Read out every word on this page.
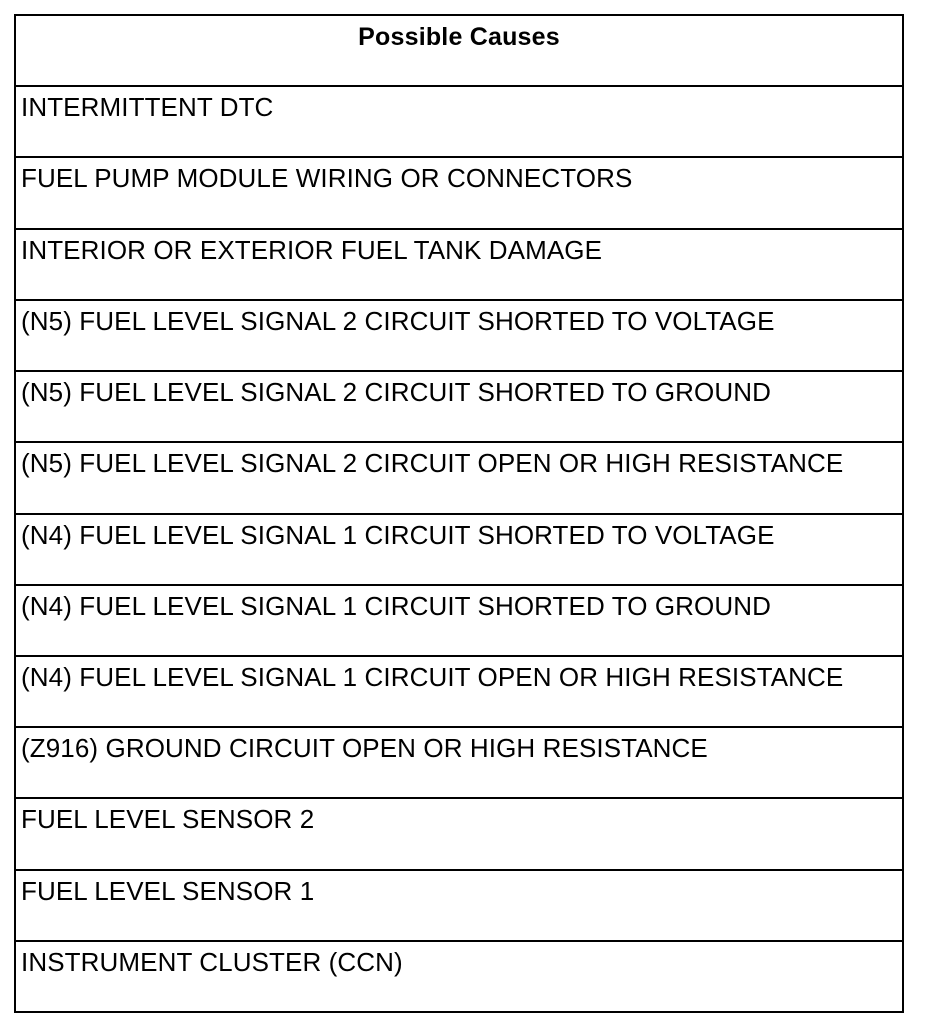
Possible Causes
INTERMITTENT DTC
FUEL PUMP MODULE WIRING OR CONNECTORS
INTERIOR OR EXTERIOR FUEL TANK DAMAGE
(N5) FUEL LEVEL SIGNAL 2 CIRCUIT SHORTED TO VOLTAGE
(N5) FUEL LEVEL SIGNAL 2 CIRCUIT SHORTED TO GROUND
(N5) FUEL LEVEL SIGNAL 2 CIRCUIT OPEN OR HIGH RESISTANCE
(N4) FUEL LEVEL SIGNAL 1 CIRCUIT SHORTED TO VOLTAGE
(N4) FUEL LEVEL SIGNAL 1 CIRCUIT SHORTED TO GROUND
(N4) FUEL LEVEL SIGNAL 1 CIRCUIT OPEN OR HIGH RESISTANCE
(Z916) GROUND CIRCUIT OPEN OR HIGH RESISTANCE
FUEL LEVEL SENSOR 2
FUEL LEVEL SENSOR 1
INSTRUMENT CLUSTER (CCN)
